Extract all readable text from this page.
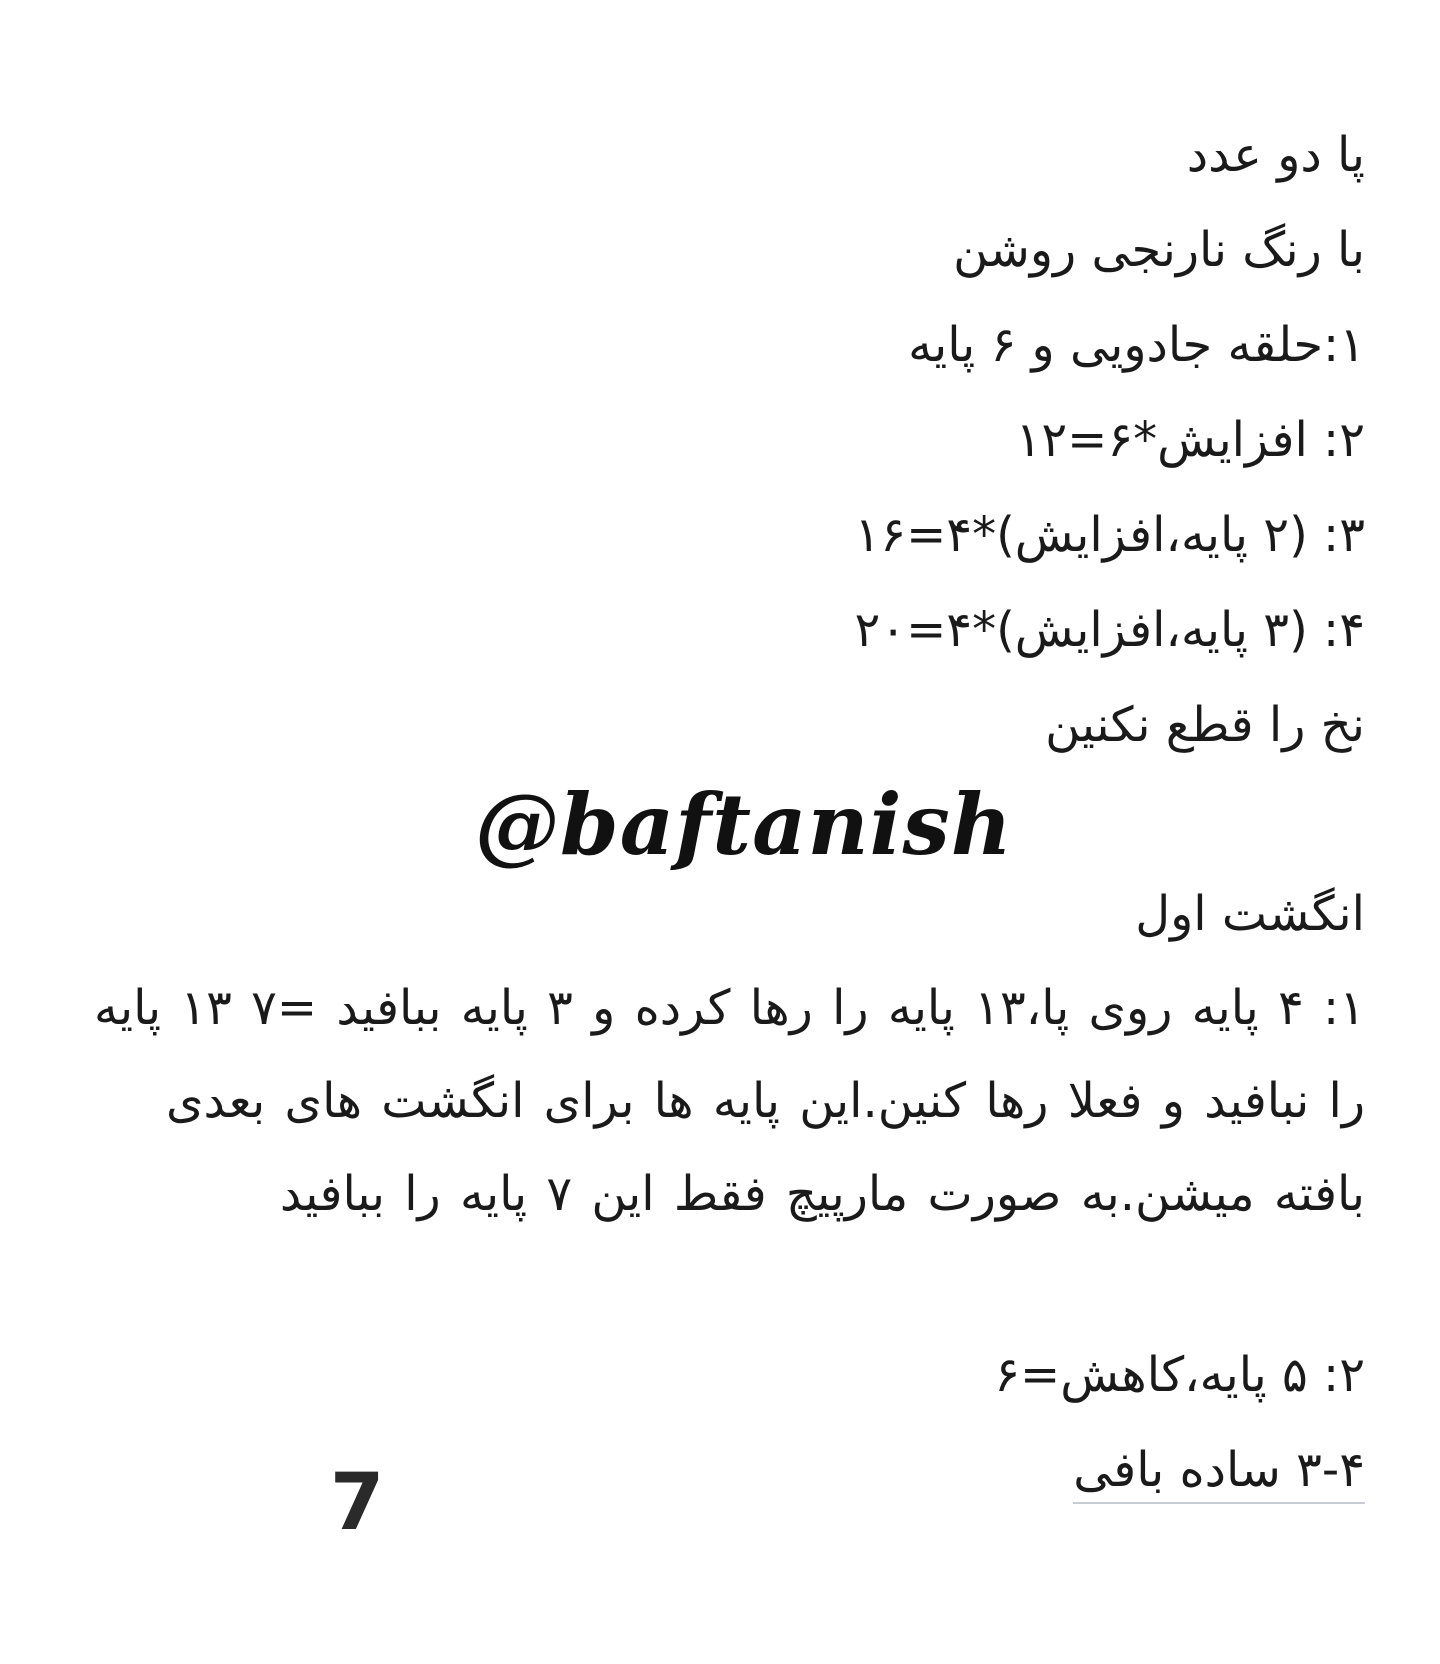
پا دو عدد
با رنگ نارنجی روشن
۱:حلقه جادویی و ۶ پایه
۲: افزایش*۶=۱۲
۳: (۲ پایه،افزایش)*۴=۱۶
۴: (۳ پایه،افزایش)*۴=۲۰
نخ را قطع نکنین
@baftanish
انگشت اول
۱: ۴ پایه روی پا،۱۳ پایه را رها کرده و ۳ پایه ببافید =۷ ۱۳ پایه را نبافید و فعلا رها کنین.این پایه ها برای انگشت های بعدی بافته میشن.به صورت مارپیچ فقط این ۷ پایه را ببافید
۲: ۵ پایه،کاهش=۶
۳-۴ ساده بافی
7
